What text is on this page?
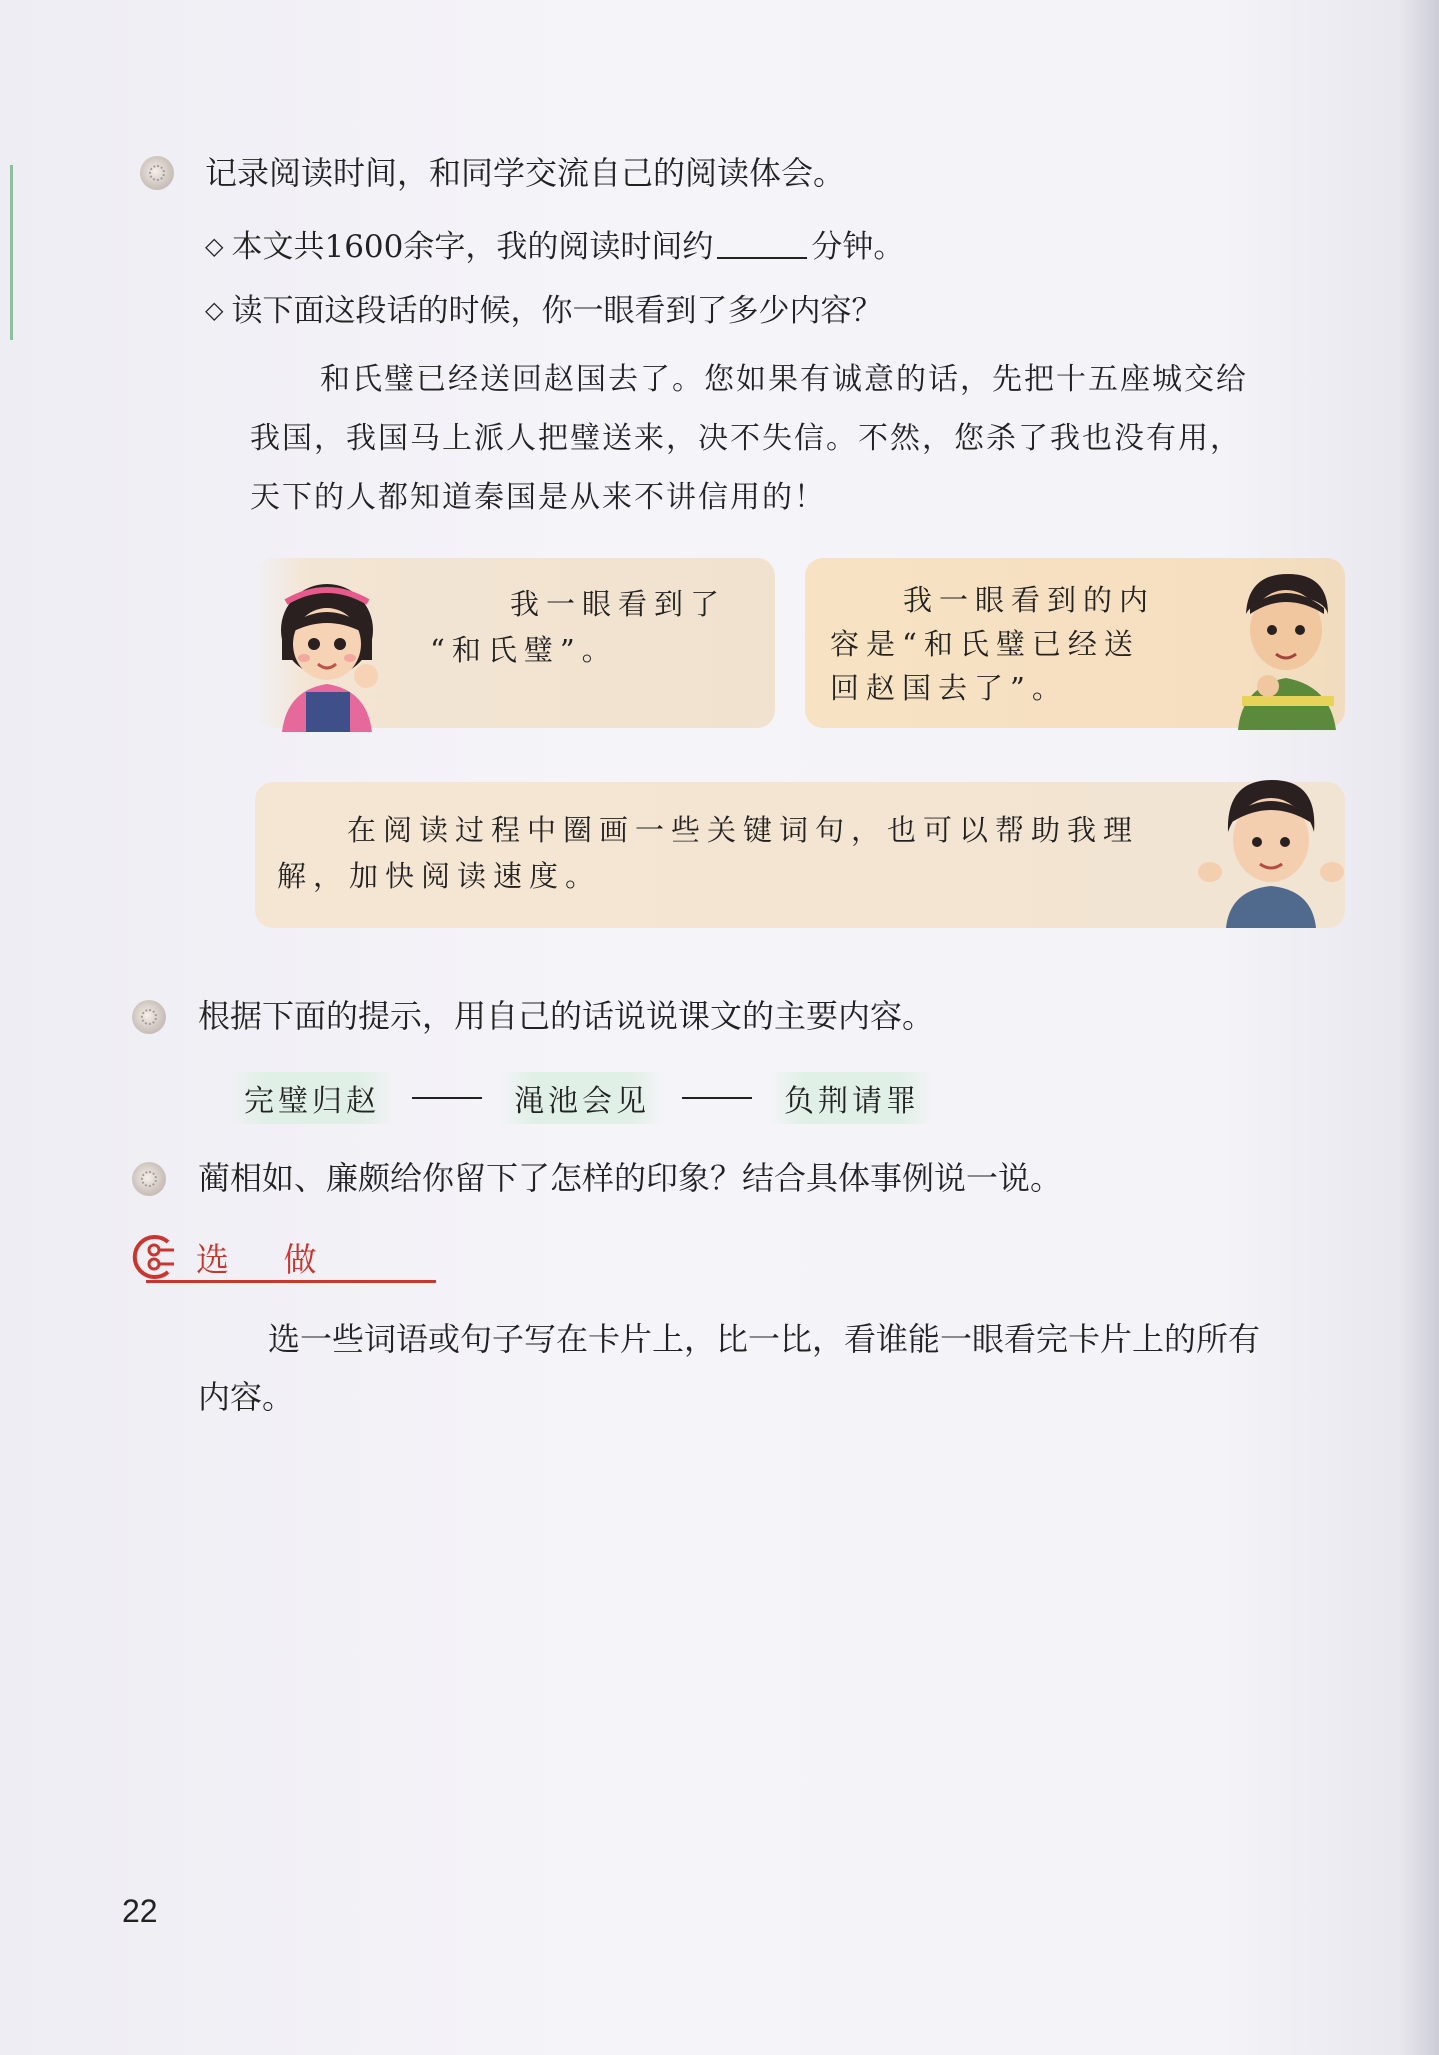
记录阅读时间，和同学交流自己的阅读体会。
◇ 本文共1600余字，我的阅读时间约	分钟。
◇ 读下面这段话的时候，你一眼看到了多少内容？
和氏璧已经送回赵国去了。您如果有诚意的话，先把十五座城交给
我国，我国马上派人把璧送来，决不失信。不然，您杀了我也没有用，
天下的人都知道秦国是从来不讲信用的！
我一眼看到了
“和氏璧”。
我一眼看到的内
容是“和氏璧已经送
回赵国去了”。
在阅读过程中圈画一些关键词句，也可以帮助我理
解，加快阅读速度。
根据下面的提示，用自己的话说说课文的主要内容。
完璧归赵	渑池会见	负荆请罪
蔺相如、廉颇给你留下了怎样的印象？结合具体事例说一说。
选 做
选一些词语或句子写在卡片上，比一比，看谁能一眼看完卡片上的所有
内容。
22
